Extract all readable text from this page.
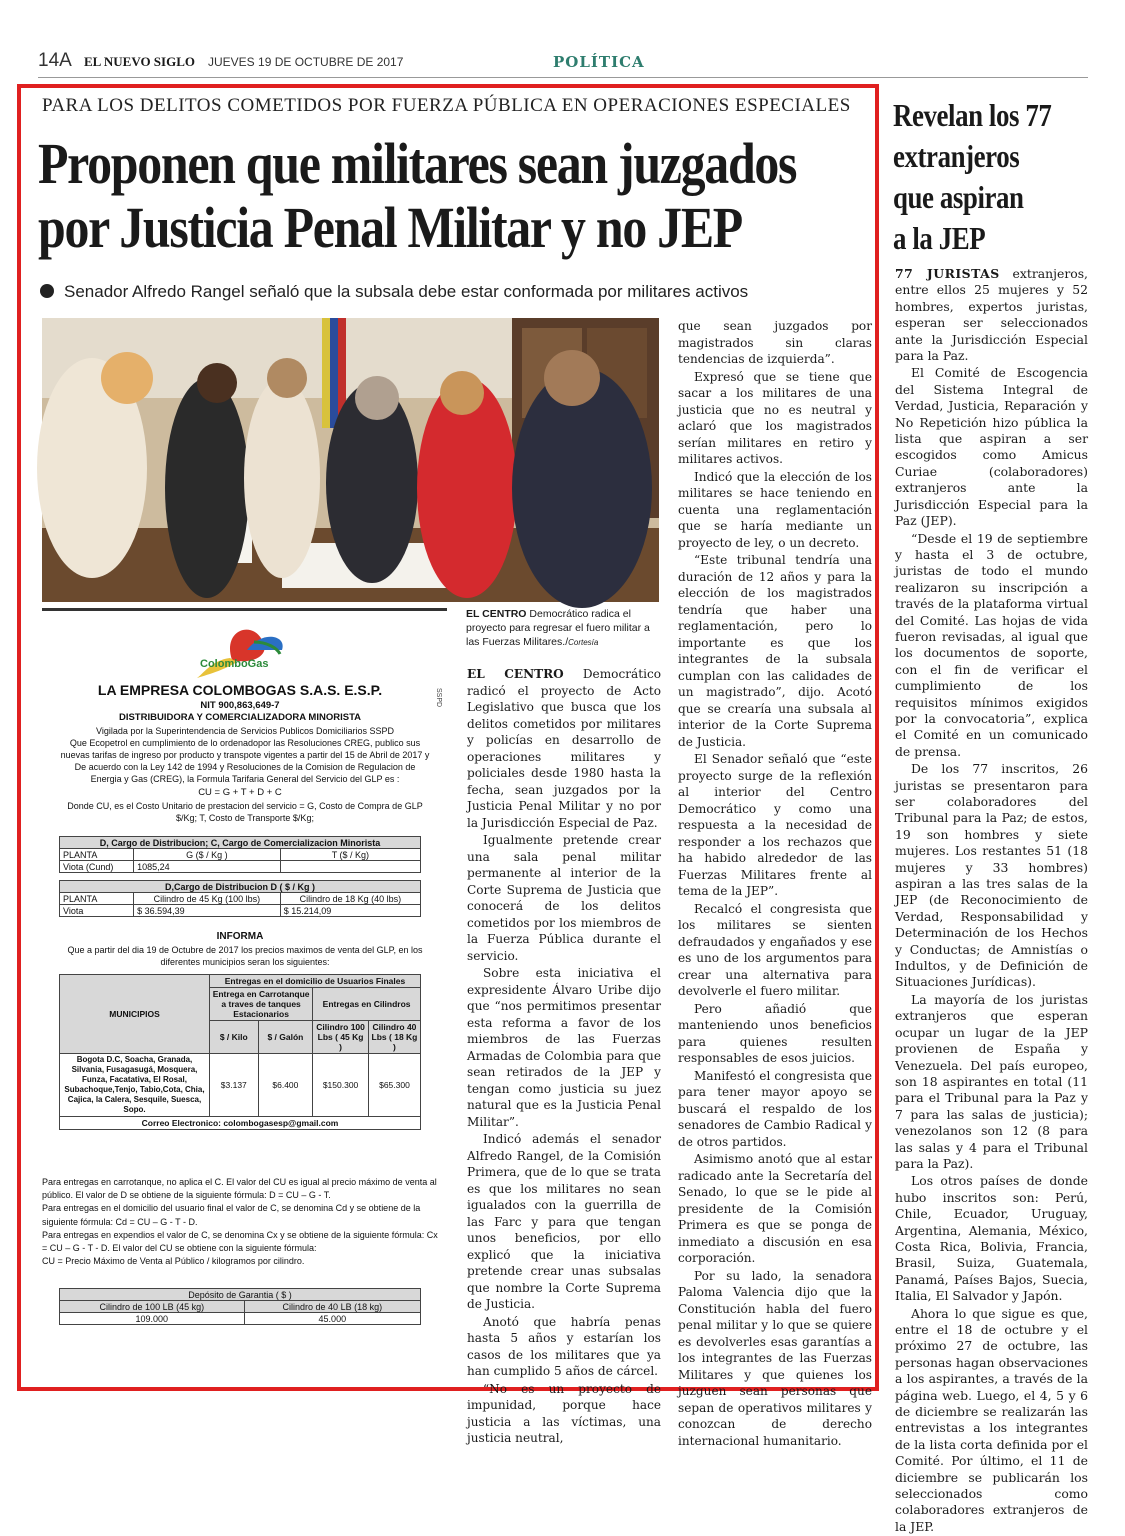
14A EL NUEVO SIGLO JUEVES 19 DE OCTUBRE DE 2017	POLÍTICA
PARA LOS DELITOS COMETIDOS POR FUERZA PÚBLICA EN OPERACIONES ESPECIALES
Proponen que militares sean juzgados
por Justicia Penal Militar y no JEP
Senador Alfredo Rangel señaló que la subsala debe estar conformada por militares activos
EL CENTRO Democrático radica el proyecto para regresar el fuero militar a las Fuerzas Militares./Cortesía

EL CENTRO Democrático radicó el proyecto de Acto Legislativo que busca que los delitos cometidos por militares y policías en desarrollo de operaciones militares y policiales desde 1980 hasta la fecha, sean juzgados por la Justicia Penal Militar y no por la Jurisdicción Especial de Paz.

Igualmente pretende crear una sala penal militar permanente al interior de la Corte Suprema de Justicia que conocerá de los delitos cometidos por los miembros de la Fuerza Pública durante el servicio.

Sobre esta iniciativa el expresidente Álvaro Uribe dijo que “nos permitimos presentar esta reforma a favor de los miembros de las Fuerzas Armadas de Colombia para que sean retirados de la JEP y tengan como justicia su juez natural que es la Justicia Penal Militar”.

Indicó además el senador Alfredo Rangel, de la Comisión Primera, que de lo que se trata es que los militares no sean igualados con la guerrilla de las Farc y para que tengan unos beneficios, por ello explicó que la iniciativa pretende crear unas subsalas que nombre la Corte Suprema de Justicia.

Anotó que habría penas hasta 5 años y estarían los casos de los militares que ya han cumplido 5 años de cárcel.

“No es un proyecto de impunidad, porque hace justicia a las víctimas, una justicia neutral,

que sean juzgados por magistrados sin claras tendencias de izquierda”.

Expresó que se tiene que sacar a los militares de una justicia que no es neutral y aclaró que los magistrados serían militares en retiro y militares activos.

Indicó que la elección de los militares se hace teniendo en cuenta una reglamentación que se haría mediante un proyecto de ley, o un decreto.

“Este tribunal tendría una duración de 12 años y para la elección de los magistrados tendría que haber una reglamentación, pero lo importante es que los integrantes de la subsala cumplan con las calidades de un magistrado”, dijo. Acotó que se crearía una subsala al interior de la Corte Suprema de Justicia.

El Senador señaló que “este proyecto surge de la reflexión al interior del Centro Democrático y como una respuesta a la necesidad de responder a los rechazos que ha habido alrededor de las Fuerzas Militares frente al tema de la JEP”.

Recalcó el congresista que los militares se sienten defraudados y engañados y ese es uno de los argumentos para crear una alternativa para devolverle el fuero militar.

Pero añadió que manteniendo unos beneficios para quienes resulten responsables de esos juicios.

Manifestó el congresista que para tener mayor apoyo se buscará el respaldo de los senadores de Cambio Radical y de otros partidos.

Asimismo anotó que al estar radicado ante la Secretaría del Senado, lo que se le pide al presidente de la Comisión Primera es que se ponga de inmediato a discusión en esa corporación.

Por su lado, la senadora Paloma Valencia dijo que la Constitución habla del fuero penal militar y lo que se quiere es devolverles esas garantías a los integrantes de las Fuerzas Militares y que quienes los juzguen sean personas que sepan de operativos militares y conozcan de derecho internacional humanitario.

ColomboGas
LA EMPRESA COLOMBOGAS S.A.S. E.S.P.
NIT 900,863,649-7
DISTRIBUIDORA Y COMERCIALIZADORA MINORISTA
SSPD
Vigilada por la Superintendencia de Servicios Publicos Domiciliarios SSPD
Que Ecopetrol en cumplimiento de lo ordenadopor las Resoluciones CREG, publico sus nuevas tarifas de ingreso por producto y transpote vigentes a partir del 15 de Abril de 2017 y De acuerdo con la Ley 142 de 1994 y Resoluciones de la Comision de Regulacion de Energia y Gas (CREG), la Formula Tarifaria General del Servicio del GLP es :
CU = G + T + D + C
Donde CU, es el Costo Unitario de prestacion del servicio = G, Costo de Compra de GLP $/Kg; T, Costo de Transporte $/Kg;
D, Cargo de Distribucion; C, Cargo de Comercializacion Minorista		
PLANTA	G ($ / Kg )	T ($ / Kg)
Viota (Cund)	1085,24	

D,Cargo de Distribucion D ( $ / Kg )		
PLANTA	Cilindro de 45 Kg (100 lbs)	Cilindro de 18 Kg (40 lbs)
Viota	$ 36.594,39	$ 15.214,09
INFORMA
Que a partir del dia 19 de Octubre de 2017 los precios maximos de venta del GLP, en los diferentes municipios seran los siguientes:
MUNICIPIOS	Entregas en el domicilio de Usuarios Finales			
	Entrega en Carrotanque a traves de tanques Estacionarios		Entregas en Cilindros	
	$ / Kilo	$ / Galón	Cilindro 100 Lbs ( 45 Kg )	Cilindro 40 Lbs ( 18 Kg )
Bogota D.C, Soacha, Granada, Silvania, Fusagasugá, Mosquera, Funza, Facatativa, El Rosal, Subachoque,Tenjo, Tabio,Cota, Chia, Cajica, la Calera, Sesquile, Suesca, Sopo.	$3.137	$6.400	$150.300	$65.300
Correo Electronico: colombogasesp@gmail.com				
Para entregas en carrotanque, no aplica el C. El valor del CU es igual al precio máximo de venta al público. El valor de D se obtiene de la siguiente fórmula: D = CU – G - T.
Para entregas en el domicilio del usuario final el valor de C, se denomina Cd y se obtiene de la siguiente fórmula: Cd = CU – G - T - D.
Para entregas en expendios el valor de C, se denomina Cx y se obtiene de la siguiente fórmula: Cx = CU – G - T - D. El valor del CU se obtiene con la siguiente fórmula:
CU = Precio Máximo de Venta al Público / kilogramos por cilindro.
Depósito de Garantia ( $ )	
Cilindro de 100 LB (45 kg)	Cilindro de 40 LB (18 kg)
109.000	45.000
Revelan los 77
extranjeros
que aspiran
a la JEP

77 JURISTAS extranjeros, entre ellos 25 mujeres y 52 hombres, expertos juristas, esperan ser seleccionados ante la Jurisdicción Especial para la Paz.

El Comité de Escogencia del Sistema Integral de Verdad, Justicia, Reparación y No Repetición hizo pública la lista que aspiran a ser escogidos como Amicus Curiae (colaboradores) extranjeros ante la Jurisdicción Especial para la Paz (JEP).

“Desde el 19 de septiembre y hasta el 3 de octubre, juristas de todo el mundo realizaron su inscripción a través de la plataforma virtual del Comité. Las hojas de vida fueron revisadas, al igual que los documentos de soporte, con el fin de verificar el cumplimiento de los requisitos mínimos exigidos por la convocatoria”, explica el Comité en un comunicado de prensa.

De los 77 inscritos, 26 juristas se presentaron para ser colaboradores del Tribunal para la Paz; de estos, 19 son hombres y siete mujeres. Los restantes 51 (18 mujeres y 33 hombres) aspiran a las tres salas de la JEP (de Reconocimiento de Verdad, Responsabilidad y Determinación de los Hechos y Conductas; de Amnistías o Indultos, y de Definición de Situaciones Jurídicas).

La mayoría de los juristas extranjeros que esperan ocupar un lugar de la JEP provienen de España y Venezuela. Del país europeo, son 18 aspirantes en total (11 para el Tribunal para la Paz y 7 para las salas de justicia); venezolanos son 12 (8 para las salas y 4 para el Tribunal para la Paz).

Los otros países de donde hubo inscritos son: Perú, Chile, Ecuador, Uruguay, Argentina, Alemania, México, Costa Rica, Bolivia, Francia, Brasil, Suiza, Guatemala, Panamá, Países Bajos, Suecia, Italia, El Salvador y Japón.

Ahora lo que sigue es que, entre el 18 de octubre y el próximo 27 de octubre, las personas hagan observaciones a los aspirantes, a través de la página web. Luego, el 4, 5 y 6 de diciembre se realizarán las entrevistas a los integrantes de la lista corta definida por el Comité. Por último, el 11 de diciembre se publicarán los seleccionados como colaboradores extranjeros de la JEP.
